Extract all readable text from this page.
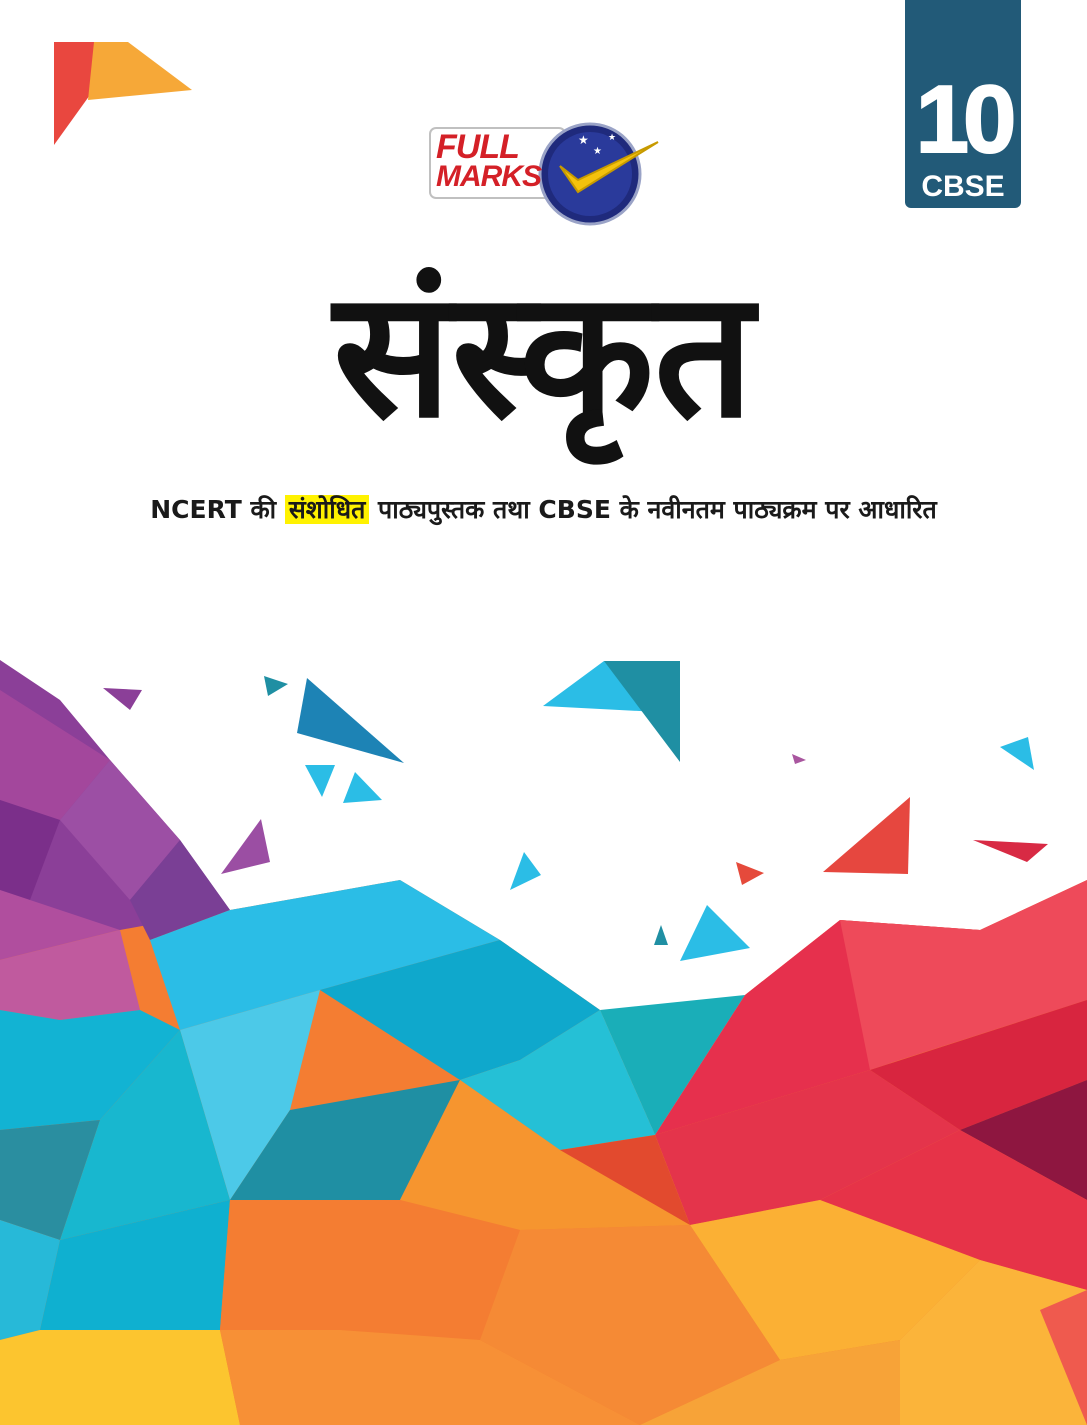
10
CBSE
★
★
★
FULL
MARKS
संस्कृत
NCERT की संशोधित पाठ्यपुस्तक तथा CBSE के नवीनतम पाठ्यक्रम पर आधारित
